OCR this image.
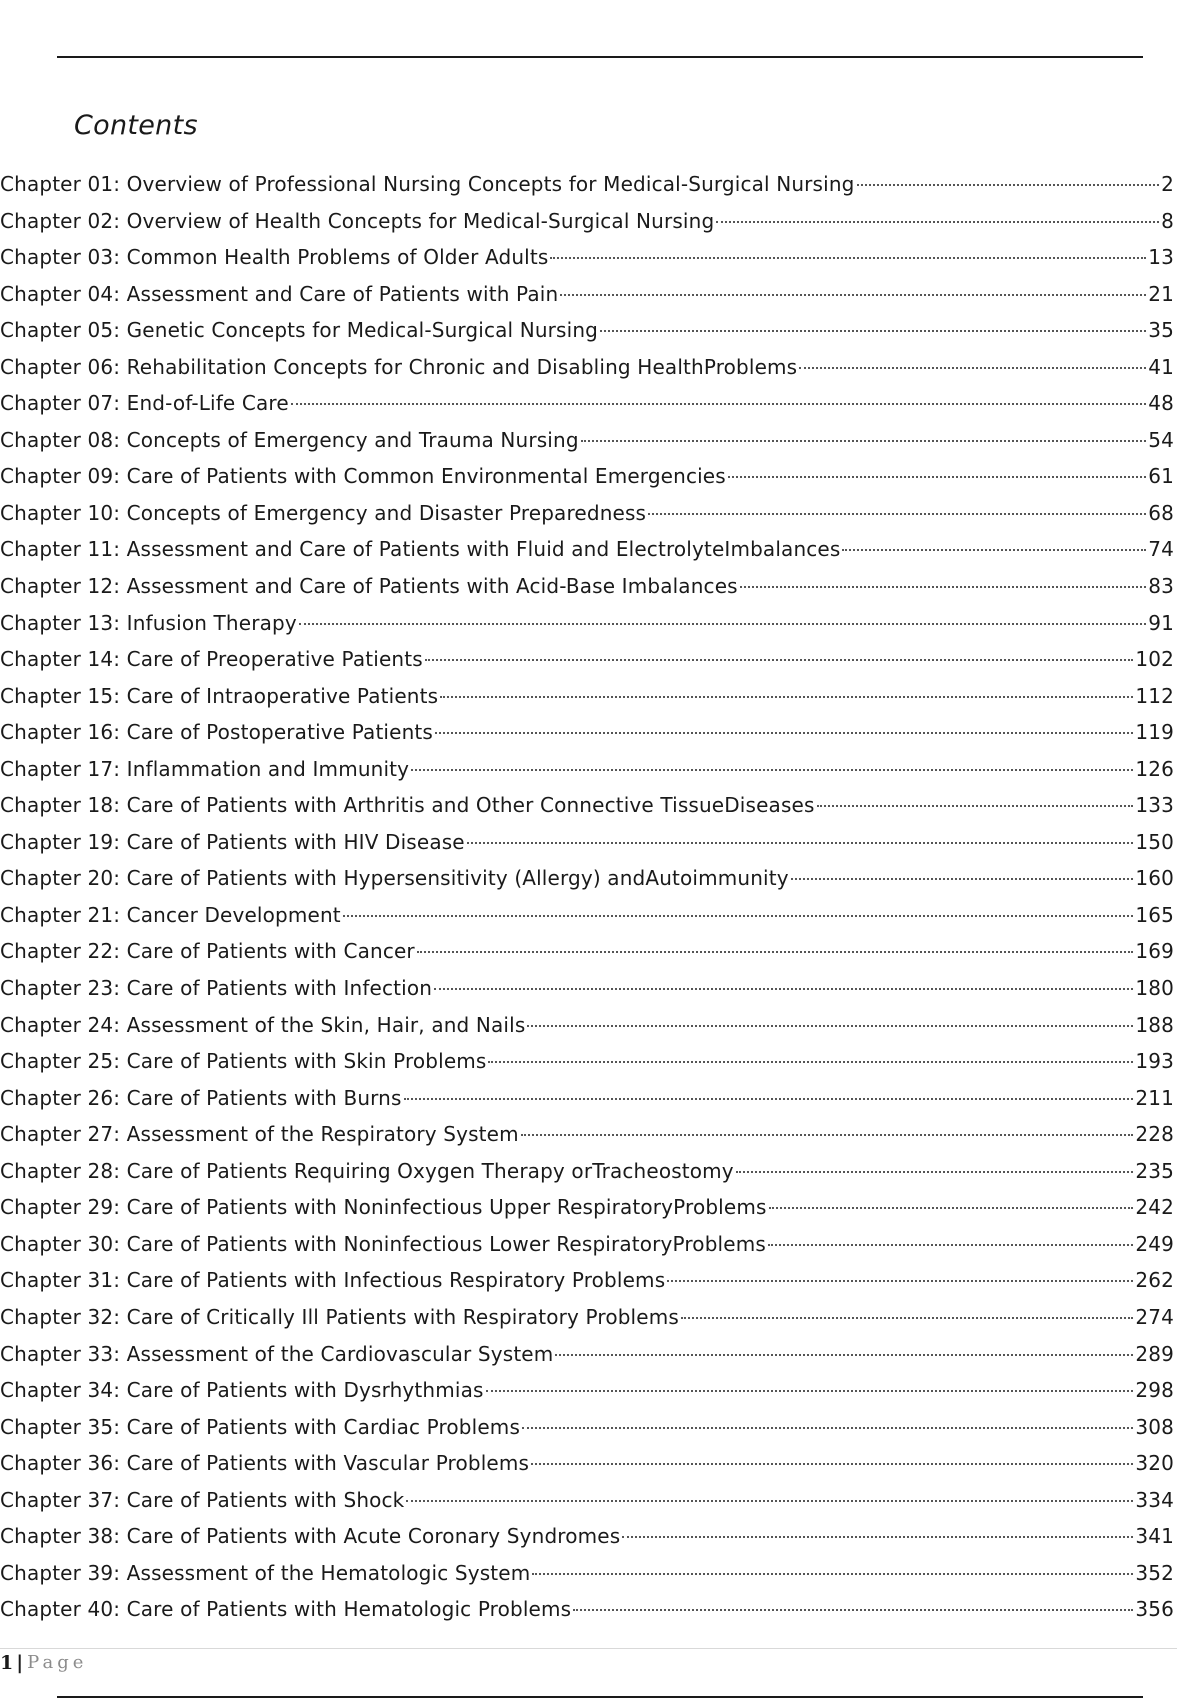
Contents
Chapter 01: Overview of Professional Nursing Concepts for Medical-Surgical Nursing	2
Chapter 02: Overview of Health Concepts for Medical-Surgical Nursing	8
Chapter 03: Common Health Problems of Older Adults	13
Chapter 04: Assessment and Care of Patients with Pain	21
Chapter 05: Genetic Concepts for Medical-Surgical Nursing	35
Chapter 06: Rehabilitation Concepts for Chronic and Disabling HealthProblems	41
Chapter 07: End-of-Life Care	48
Chapter 08: Concepts of Emergency and Trauma Nursing	54
Chapter 09: Care of Patients with Common Environmental Emergencies	61
Chapter 10: Concepts of Emergency and Disaster Preparedness	68
Chapter 11: Assessment and Care of Patients with Fluid and ElectrolyteImbalances	74
Chapter 12: Assessment and Care of Patients with Acid-Base Imbalances	83
Chapter 13: Infusion Therapy	91
Chapter 14: Care of Preoperative Patients	102
Chapter 15: Care of Intraoperative Patients	112
Chapter 16: Care of Postoperative Patients	119
Chapter 17: Inflammation and Immunity	126
Chapter 18: Care of Patients with Arthritis and Other Connective TissueDiseases	133
Chapter 19: Care of Patients with HIV Disease	150
Chapter 20: Care of Patients with Hypersensitivity (Allergy) andAutoimmunity	160
Chapter 21: Cancer Development	165
Chapter 22: Care of Patients with Cancer	169
Chapter 23: Care of Patients with Infection	180
Chapter 24: Assessment of the Skin, Hair, and Nails	188
Chapter 25: Care of Patients with Skin Problems	193
Chapter 26: Care of Patients with Burns	211
Chapter 27: Assessment of the Respiratory System	228
Chapter 28: Care of Patients Requiring Oxygen Therapy orTracheostomy	235
Chapter 29: Care of Patients with Noninfectious Upper RespiratoryProblems	242
Chapter 30: Care of Patients with Noninfectious Lower RespiratoryProblems	249
Chapter 31: Care of Patients with Infectious Respiratory Problems	262
Chapter 32: Care of Critically Ill Patients with Respiratory Problems	274
Chapter 33: Assessment of the Cardiovascular System	289
Chapter 34: Care of Patients with Dysrhythmias	298
Chapter 35: Care of Patients with Cardiac Problems	308
Chapter 36: Care of Patients with Vascular Problems	320
Chapter 37: Care of Patients with Shock	334
Chapter 38: Care of Patients with Acute Coronary Syndromes	341
Chapter 39: Assessment of the Hematologic System	352
Chapter 40: Care of Patients with Hematologic Problems	356
1 | Page
